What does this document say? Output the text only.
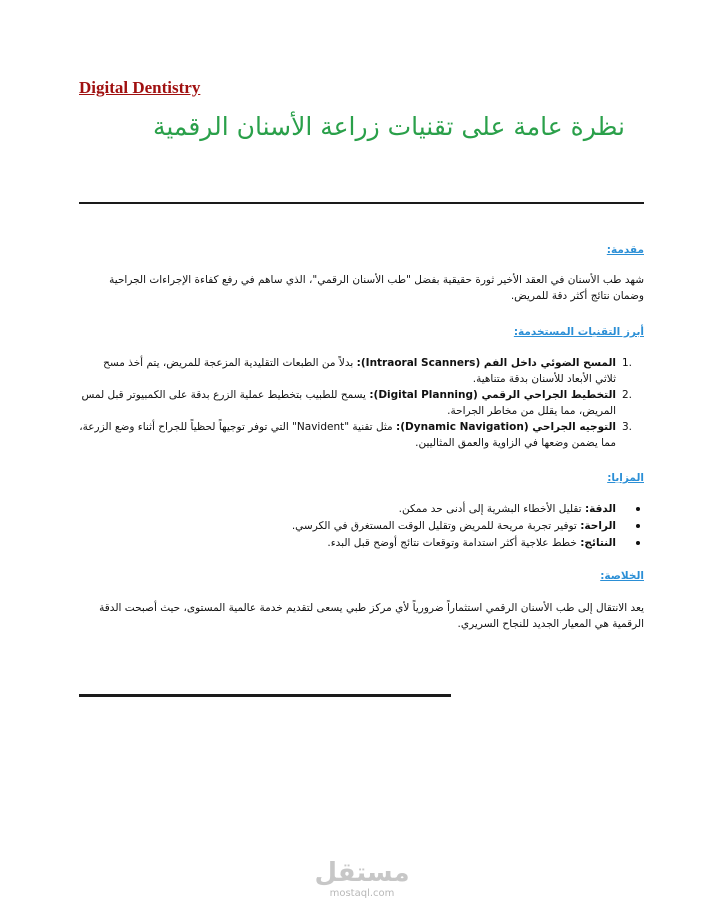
Digital Dentistry
نظرة عامة على تقنيات زراعة الأسنان الرقمية
مقدمة:
شهد طب الأسنان في العقد الأخير ثورة حقيقية بفضل "طب الأسنان الرقمي"، الذي ساهم في رفع كفاءة الإجراءات الجراحية وضمان نتائج أكثر دقة للمريض.
أبرز التقنيات المستخدمة:
1.
المسح الضوئي داخل الفم (Intraoral Scanners): بدلاً من الطبعات التقليدية المزعجة للمريض، يتم أخذ مسح ثلاثي الأبعاد للأسنان بدقة متناهية.
2.
التخطيط الجراحي الرقمي (Digital Planning): يسمح للطبيب بتخطيط عملية الزرع بدقة على الكمبيوتر قبل لمس المريض، مما يقلل من مخاطر الجراحة.
3.
التوجيه الجراحي (Dynamic Navigation): مثل تقنية "Navident" التي توفر توجيهاً لحظياً للجراح أثناء وضع الزرعة، مما يضمن وضعها في الزاوية والعمق المثاليين.
المزايا:
الدقة: تقليل الأخطاء البشرية إلى أدنى حد ممكن.
الراحة: توفير تجربة مريحة للمريض وتقليل الوقت المستغرق في الكرسي.
النتائج: خطط علاجية أكثر استدامة وتوقعات نتائج أوضح قبل البدء.
الخلاصة:
يعد الانتقال إلى طب الأسنان الرقمي استثماراً ضرورياً لأي مركز طبي يسعى لتقديم خدمة عالمية المستوى، حيث أصبحت الدقة الرقمية هي المعيار الجديد للنجاح السريري.
مستقل
mostaql.com
